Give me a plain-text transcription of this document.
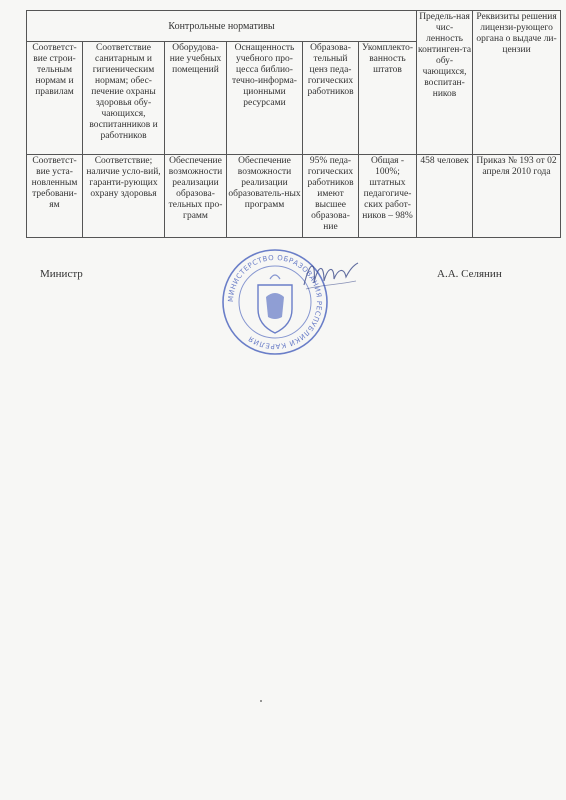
Контрольные нормативы						Предель-ная чис-ленность континген-та обу-чающихся, воспитан-ников	Реквизиты решения лицензи-рующего органа о выдаче ли-цензии
Соответст-вие строи-тельным нормам и правилам	Соответствие санитарным и гигиеническим нормам; обес-печение охраны здоровья обу-чающихся, воспитанников и работников	Оборудова-ние учебных помещений	Оснащенность учебного про-цесса библио-течно-информа-ционными ресурсами	Образова-тельный ценз педа-гогических работников	Укомплекто-ванность штатов		
Соответст-вие уста-новленным требовани-ям	Соответствие; наличие усло-вий, гаранти-рующих охрану здоровья	Обеспечение возможности реализации образова-тельных про-грамм	Обеспечение возможности реализации образователь-ных программ	95% педа-гогических работников имеют высшее образова-ние	Общая - 100%; штатных педагогиче-ских работ-ников – 98%	458 человек	Приказ № 193 от 02 апреля 2010 года
Министр	А.А. Селянин
МИНИСТЕРСТВО ОБРАЗОВАНИЯ РЕСПУБЛИКИ КАРЕЛИЯ
